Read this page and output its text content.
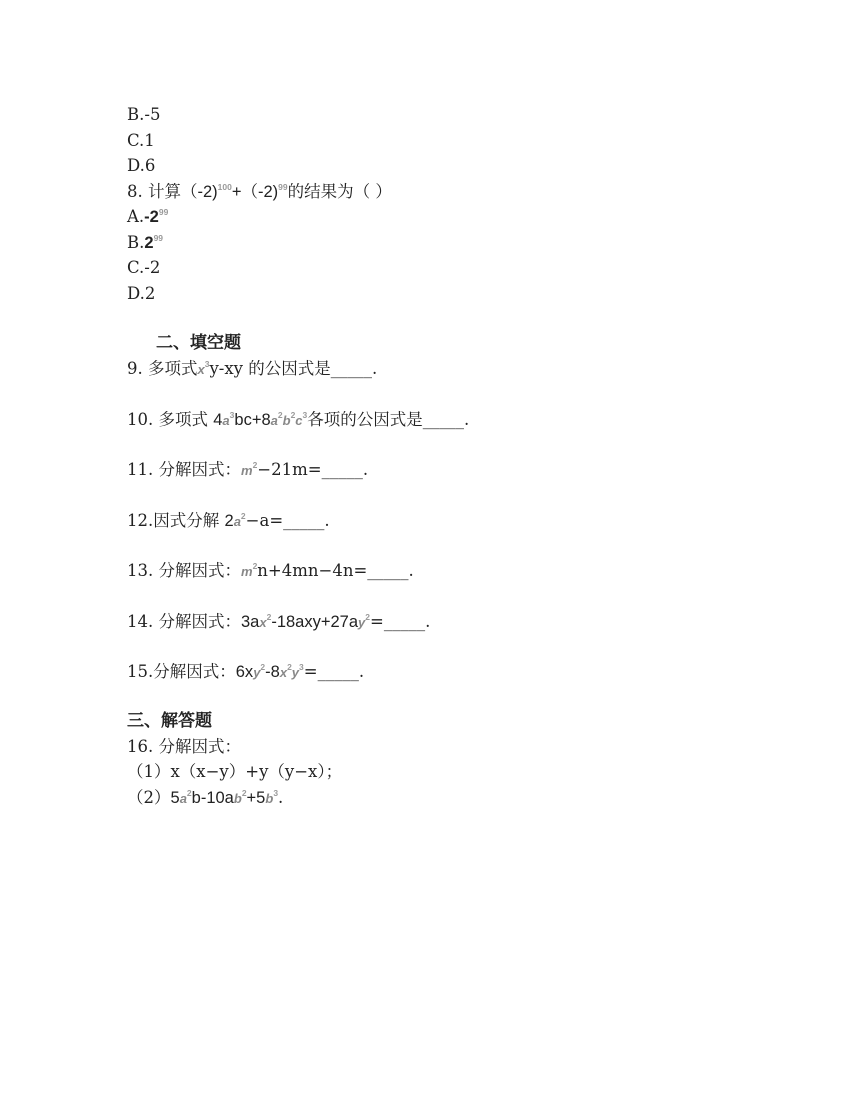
B.-5
C.1
D.6
8. 计算（-2)$^{100}$+（-2)$^{99}$的结果为（ ）
$A.-2^{99}$
$B.2^{99}$
C.-2
D.2
二、填空题
9. 多项式$x^3y-xy$ 的公因式是_____.
10. 多项式 $4a^3bc+8a^2b^2c^3$各项的公因式是_____.
11. 分解因式：$m^2-21m=\_\_\_\_\_$.
12.因式分解 $2a^2-a=\_\_\_\_\_$.
13. 分解因式：$m^2n+4mn-4n=\_\_\_\_\_$.
14. 分解因式：$3ax^2-18axy+27ay^2=\_\_\_\_\_$.
15.分解因式：$6xy^2-8x^2y^3=\_\_\_\_\_$.
三、解答题
16. 分解因式：
（1）x（x−y）+y（y−x）；
$(2)5a^2b-10ab^2+5b^3$.
